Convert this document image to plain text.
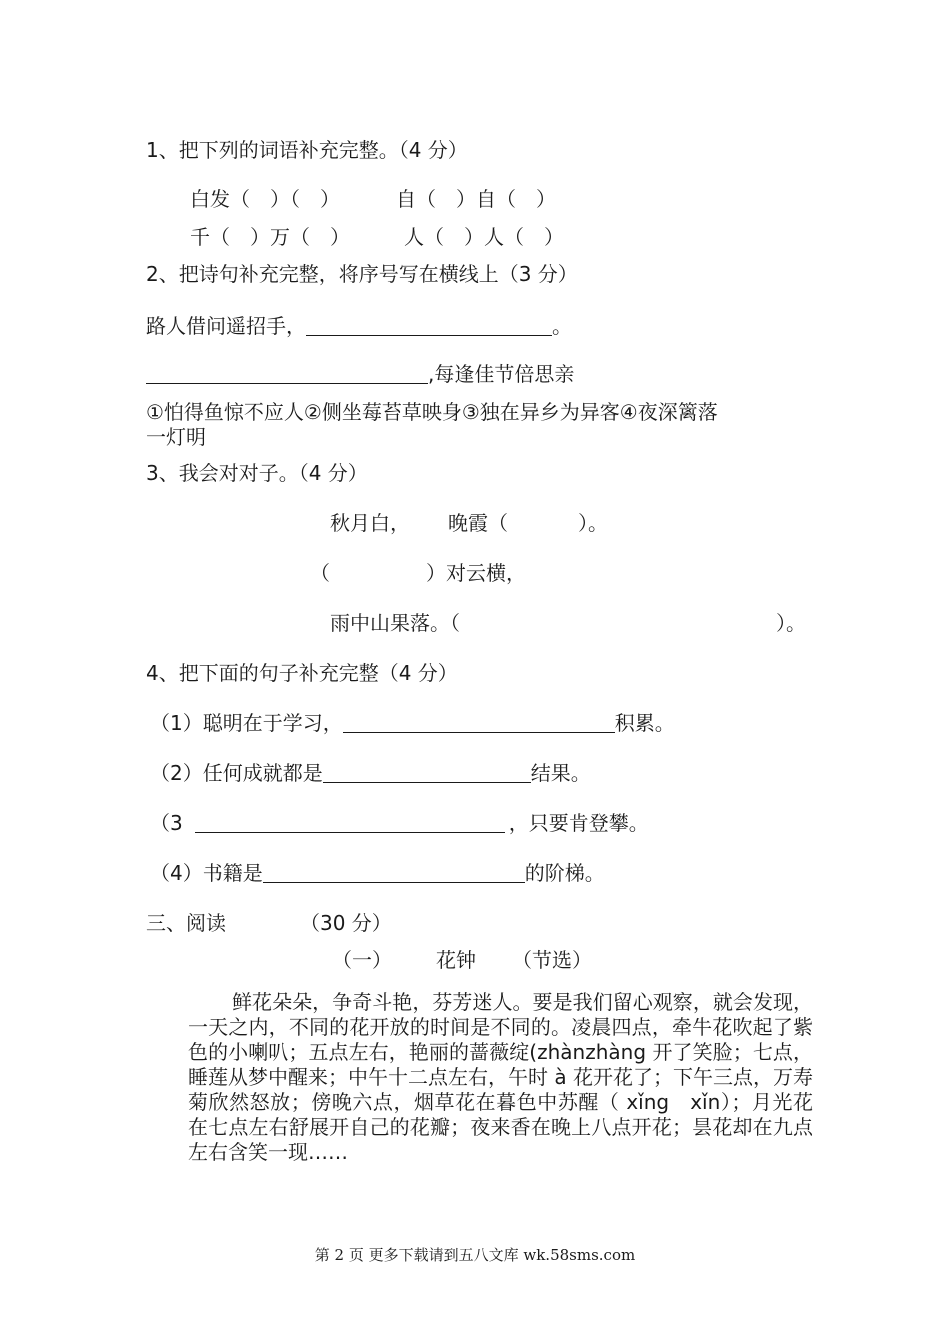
1、把下列的词语补充完整。（4 分）
白发（　）（　）	自（　）自（　）
千（　）万（　）	人（　）人（　）
2、把诗句补充完整，将序号写在横线上（3 分）
路人借问遥招手，	。
,每逢佳节倍思亲
①怕得鱼惊不应人②侧坐莓苔草映身③独在异乡为异客④夜深篱落
一灯明
3、我会对对子。（4 分）
秋月白， 晚霞（	）。
（	）对云横，
雨中山果落。（	）。
4、把下面的句子补充完整（4 分）
（1）聪明在于学习，	积累。
（2）任何成就都是	结果。
（3	，只要肯登攀。
（4）书籍是	的阶梯。
三、阅读	（30 分）
（一） 花钟 （节选）
鲜花朵朵，争奇斗艳，芬芳迷人。要是我们留心观察，就会发现，一天之内，不同的花开放的时间是不同的。凌晨四点，牵牛花吹起了紫色的小喇叭；五点左右，艳丽的蔷薇绽(zhànzhàng 开了笑脸；七点，睡莲从梦中醒来；中午十二点左右，午时 à 花开花了；下午三点，万寿菊欣然怒放；傍晚六点，烟草花在暮色中苏醒（ xǐng　xǐn）；月光花在七点左右舒展开自己的花瓣；夜来香在晚上八点开花；昙花却在九点左右含笑一现……
第 2 页 更多下载请到五八文库 wk.58sms.com
